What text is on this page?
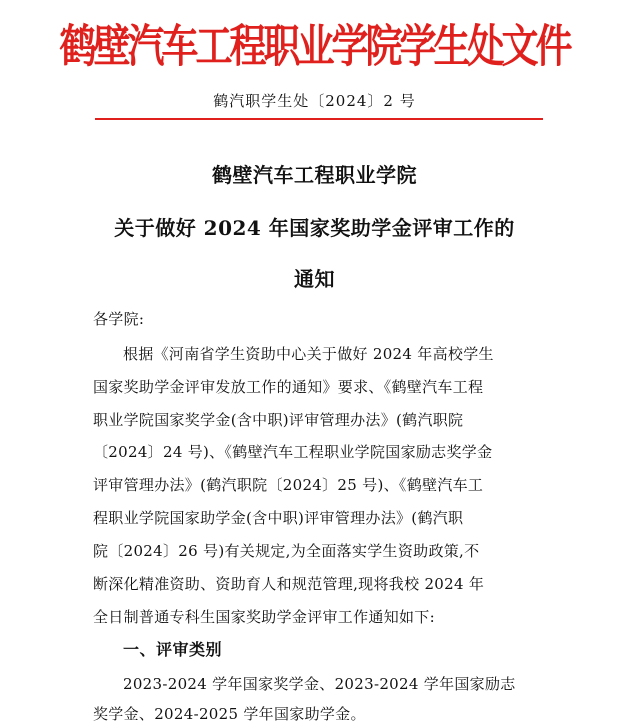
鹤壁汽车工程职业学院学生处文件
鹤汽职学生处〔2024〕2 号
鹤壁汽车工程职业学院
关于做好 2024 年国家奖助学金评审工作的
通知
各学院:
根据《河南省学生资助中心关于做好 2024 年高校学生
国家奖助学金评审发放工作的通知》要求、《鹤壁汽车工程
职业学院国家奖学金(含中职)评审管理办法》(鹤汽职院
〔2024〕24 号)、《鹤壁汽车工程职业学院国家励志奖学金
评审管理办法》(鹤汽职院〔2024〕25 号)、《鹤壁汽车工
程职业学院国家助学金(含中职)评审管理办法》(鹤汽职
院〔2024〕26 号)有关规定,为全面落实学生资助政策,不
断深化精准资助、资助育人和规范管理,现将我校 2024 年
全日制普通专科生国家奖助学金评审工作通知如下:
一、评审类别
2023-2024 学年国家奖学金、2023-2024 学年国家励志
奖学金、2024-2025 学年国家助学金。
